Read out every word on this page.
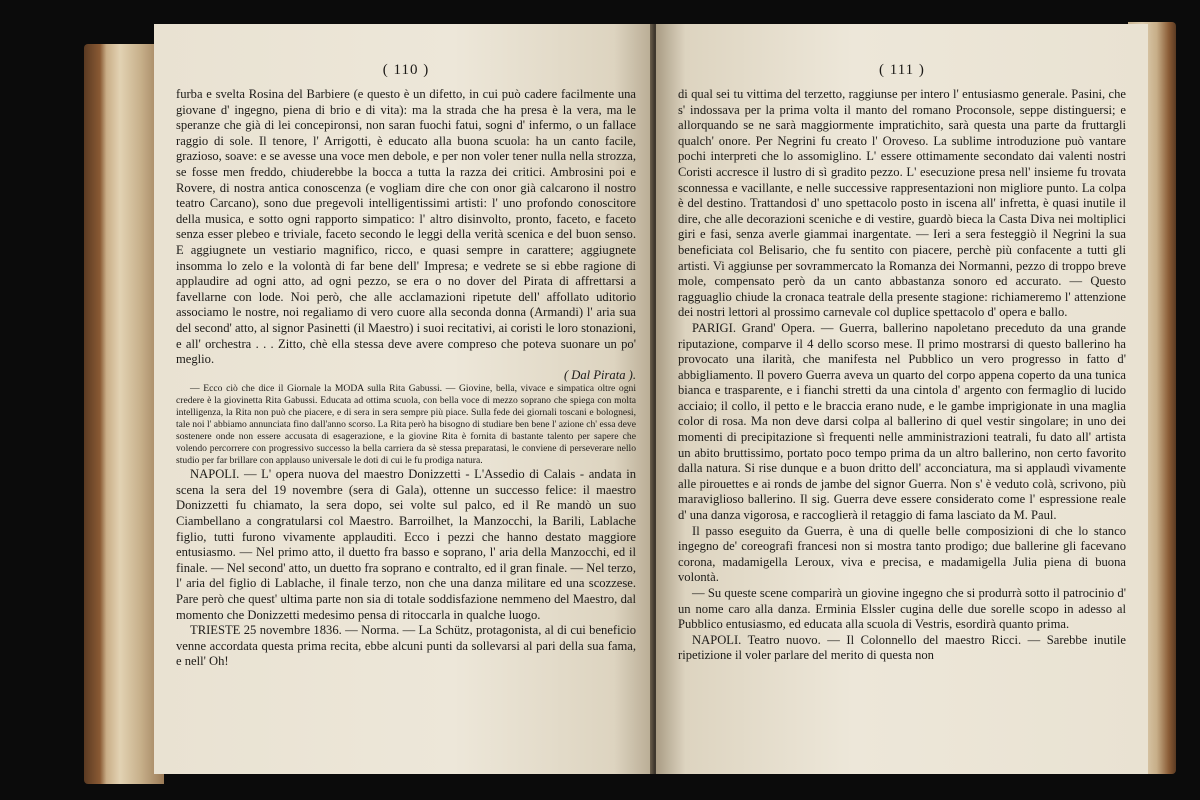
( 110 )

furba e svelta Rosina del Barbiere (e questo è un difetto, in cui può cadere facilmente una giovane d' ingegno, piena di brio e di vita): ma la strada che ha presa è la vera, ma le speranze che già di lei concepironsi, non saran fuochi fatui, sogni d' infermo, o un fallace raggio di sole. Il tenore, l' Arrigotti, è educato alla buona scuola: ha un canto facile, grazioso, soave: e se avesse una voce men debole, e per non voler tener nulla nella strozza, se fosse men freddo, chiuderebbe la bocca a tutta la razza dei critici. Ambrosini poi e Rovere, di nostra antica conoscenza (e vogliam dire che con onor già calcarono il nostro teatro Carcano), sono due pregevoli intelligentissimi artisti: l' uno profondo conoscitore della musica, e sotto ogni rapporto simpatico: l' altro disinvolto, pronto, faceto, e faceto senza esser plebeo e triviale, faceto secondo le leggi della verità scenica e del buon senso. E aggiugnete un vestiario magnifico, ricco, e quasi sempre in carattere; aggiugnete insomma lo zelo e la volontà di far bene dell' Impresa; e vedrete se si ebbe ragione di applaudire ad ogni atto, ad ogni pezzo, se era o no dover del Pirata di affrettarsi a favellarne con lode. Noi però, che alle acclamazioni ripetute dell' affollato uditorio associamo le nostre, noi regaliamo di vero cuore alla seconda donna (Armandi) l' aria sua del second' atto, al signor Pasinetti (il Maestro) i suoi recitativi, ai coristi le loro stonazioni, e all' orchestra . . . Zitto, chè ella stessa deve avere compreso che poteva suonare un po' meglio.

( Dal Pirata ).

— Ecco ciò che dice il Giornale la MODA sulla Rita Gabussi. — Giovine, bella, vivace e simpatica oltre ogni credere è la giovinetta Rita Gabussi. Educata ad ottima scuola, con bella voce di mezzo soprano che spiega con molta intelligenza, la Rita non può che piacere, e di sera in sera sempre più piace. Sulla fede dei giornali toscani e bolognesi, tale noi l' abbiamo annunciata fino dall'anno scorso. La Rita però ha bisogno di studiare ben bene l' azione ch' essa deve sostenere onde non essere accusata di esagerazione, e la giovine Rita è fornita di bastante talento per sapere che volendo percorrere con progressivo successo la bella carriera da sè stessa preparatasi, le conviene di perseverare nello studio per far brillare con applauso universale le doti di cui le fu prodiga natura.

NAPOLI. — L' opera nuova del maestro Donizzetti - L'Assedio di Calais - andata in scena la sera del 19 novembre (sera di Gala), ottenne un successo felice: il maestro Donizzetti fu chiamato, la sera dopo, sei volte sul palco, ed il Re mandò un suo Ciambellano a congratularsi col Maestro. Barroilhet, la Manzocchi, la Barili, Lablache figlio, tutti furono vivamente applauditi. Ecco i pezzi che hanno destato maggiore entusiasmo. — Nel primo atto, il duetto fra basso e soprano, l' aria della Manzocchi, ed il finale. — Nel second' atto, un duetto fra soprano e contralto, ed il gran finale. — Nel terzo, l' aria del figlio di Lablache, il finale terzo, non che una danza militare ed una scozzese. Pare però che quest' ultima parte non sia di totale soddisfazione nemmeno del Maestro, dal momento che Donizzetti medesimo pensa di ritoccarla in qualche luogo.

TRIESTE 25 novembre 1836. — Norma. — La Schütz, protagonista, al di cui beneficio venne accordata questa prima recita, ebbe alcuni punti da sollevarsi al pari della sua fama, e nell' Oh!

( 111 )

di qual sei tu vittima del terzetto, raggiunse per intero l' entusiasmo generale. Pasini, che s' indossava per la prima volta il manto del romano Proconsole, seppe distinguersi; e allorquando se ne sarà maggiormente impratichito, sarà questa una parte da fruttargli qualch' onore. Per Negrini fu creato l' Oroveso. La sublime introduzione può vantare pochi interpreti che lo assomiglino. L' essere ottimamente secondato dai valenti nostri Coristi accresce il lustro di sì gradito pezzo. L' esecuzione presa nell' insieme fu trovata sconnessa e vacillante, e nelle successive rappresentazioni non migliore punto. La colpa è del destino. Trattandosi d' uno spettacolo posto in iscena all' infretta, è quasi inutile il dire, che alle decorazioni sceniche e di vestire, guardò bieca la Casta Diva nei moltiplici giri e fasi, senza averle giammai inargentate. — Ieri a sera festeggiò il Negrini la sua beneficiata col Belisario, che fu sentito con piacere, perchè più confacente a tutti gli artisti. Vi aggiunse per sovrammercato la Romanza dei Normanni, pezzo di troppo breve mole, compensato però da un canto abbastanza sonoro ed accurato. — Questo ragguaglio chiude la cronaca teatrale della presente stagione: richiameremo l' attenzione dei nostri lettori al prossimo carnevale col duplice spettacolo d' opera e ballo.

PARIGI. Grand' Opera. — Guerra, ballerino napoletano preceduto da una grande riputazione, comparve il 4 dello scorso mese. Il primo mostrarsi di questo ballerino ha provocato una ilarità, che manifesta nel Pubblico un vero progresso in fatto d' abbigliamento. Il povero Guerra aveva un quarto del corpo appena coperto da una tunica bianca e trasparente, e i fianchi stretti da una cintola d' argento con fermaglio di lucido acciaio; il collo, il petto e le braccia erano nude, e le gambe imprigionate in una maglia color di rosa. Ma non deve darsi colpa al ballerino di quel vestir singolare; in uno dei momenti di precipitazione sì frequenti nelle amministrazioni teatrali, fu dato all' artista un abito bruttissimo, portato poco tempo prima da un altro ballerino, non certo favorito dalla natura. Si rise dunque e a buon dritto dell' acconciatura, ma si applaudì vivamente alle pirouettes e ai ronds de jambe del signor Guerra. Non s' è veduto colà, scrivono, più maraviglioso ballerino. Il sig. Guerra deve essere considerato come l' espressione reale d' una danza vigorosa, e raccoglierà il retaggio di fama lasciato da M. Paul.

Il passo eseguito da Guerra, è una di quelle belle composizioni di che lo stanco ingegno de' coreografi francesi non si mostra tanto prodigo; due ballerine gli facevano corona, madamigella Leroux, viva e precisa, e madamigella Julia piena di buona volontà.

— Su queste scene comparirà un giovine ingegno che si produrrà sotto il patrocinio d' un nome caro alla danza. Erminia Elssler cugina delle due sorelle scopo in adesso al Pubblico entusiasmo, ed educata alla scuola di Vestris, esordirà quanto prima.

NAPOLI. Teatro nuovo. — Il Colonnello del maestro Ricci. — Sarebbe inutile ripetizione il voler parlare del merito di questa non
